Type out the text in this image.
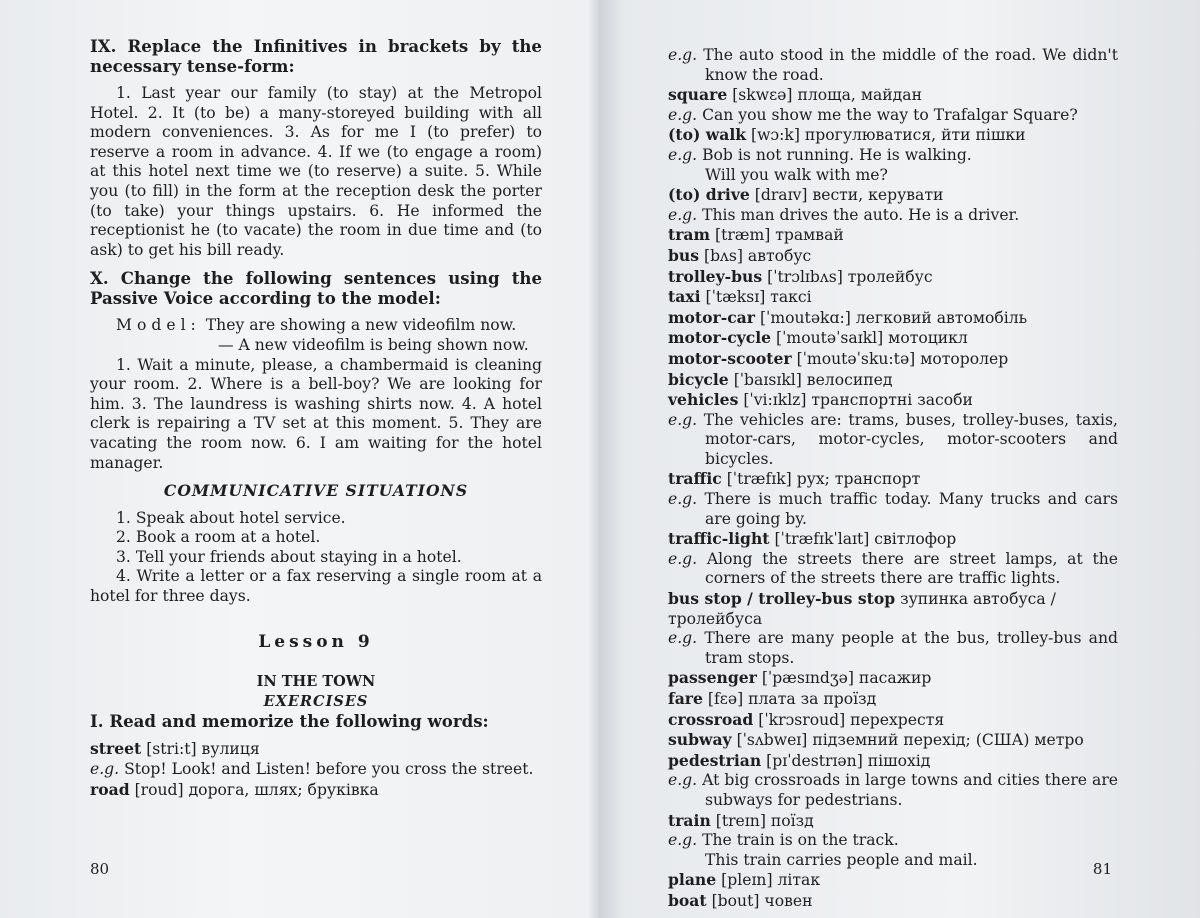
IX. Replace the Infinitives in brackets by the necessary tense-form:
1. Last year our family (to stay) at the Metropol Hotel. 2. It (to be) a many-storeyed building with all modern conveniences. 3. As for me I (to prefer) to reserve a room in advance. 4. If we (to engage a room) at this hotel next time we (to reserve) a suite. 5. While you (to fill) in the form at the reception desk the porter (to take) your things upstairs. 6. He informed the receptionist he (to vacate) the room in due time and (to ask) to get his bill ready.
X. Change the following sentences using the Passive Voice according to the model:
Model: They are showing a new videofilm now.
— A new videofilm is being shown now.
1. Wait a minute, please, a chambermaid is cleaning your room. 2. Where is a bell-boy? We are looking for him. 3. The laundress is washing shirts now. 4. A hotel clerk is repairing a TV set at this moment. 5. They are vacating the room now. 6. I am waiting for the hotel manager.
COMMUNICATIVE SITUATIONS
1. Speak about hotel service.
2. Book a room at a hotel.
3. Tell your friends about staying in a hotel.
4. Write a letter or a fax reserving a single room at a hotel for three days.
Lesson 9
IN THE TOWN
EXERCISES
I. Read and memorize the following words:
street [stri:t] вулиця
e.g. Stop! Look! and Listen! before you cross the street.
road [roud] дорога, шлях; бруківка
80
e.g. The auto stood in the middle of the road. We didn't know the road.
square [skwɛə] площа, майдан
e.g. Can you show me the way to Trafalgar Square?
(to) walk [wɔ:k] прогулюватися, йти пішки
e.g. Bob is not running. He is walking.
Will you walk with me?
(to) drive [draɪv] вести, керувати
e.g. This man drives the auto. He is a driver.
tram [træm] трамвай
bus [bʌs] автобус
trolley-bus [ˈtrɔlɪbʌs] тролейбус
taxi [ˈtæksɪ] таксі
motor-car [ˈmoutəkɑ:] легковий автомобіль
motor-cycle [ˈmoutəˈsaɪkl] мотоцикл
motor-scooter [ˈmoutəˈsku:tə] моторолер
bicycle [ˈbaɪsɪkl] велосипед
vehicles [ˈvi:ɪklz] транспортні засоби
e.g. The vehicles are: trams, buses, trolley-buses, taxis, motor-cars, motor-cycles, motor-scooters and bicycles.
traffic [ˈtræfɪk] рух; транспорт
e.g. There is much traffic today. Many trucks and cars are going by.
traffic-light [ˈtræfɪkˈlaɪt] світлофор
e.g. Along the streets there are street lamps, at the corners of the streets there are traffic lights.
bus stop / trolley-bus stop зупинка автобуса / тролейбуса
e.g. There are many people at the bus, trolley-bus and tram stops.
passenger [ˈpæsɪndʒə] пасажир
fare [fɛə] плата за проїзд
crossroad [ˈkrɔsroud] перехрестя
subway [ˈsʌbweɪ] підземний перехід; (США) метро
pedestrian [pɪˈdestrɪən] пішохід
e.g. At big crossroads in large towns and cities there are subways for pedestrians.
train [treɪn] поїзд
e.g. The train is on the track.
This train carries people and mail.
plane [pleɪn] літак
boat [bout] човен
81
